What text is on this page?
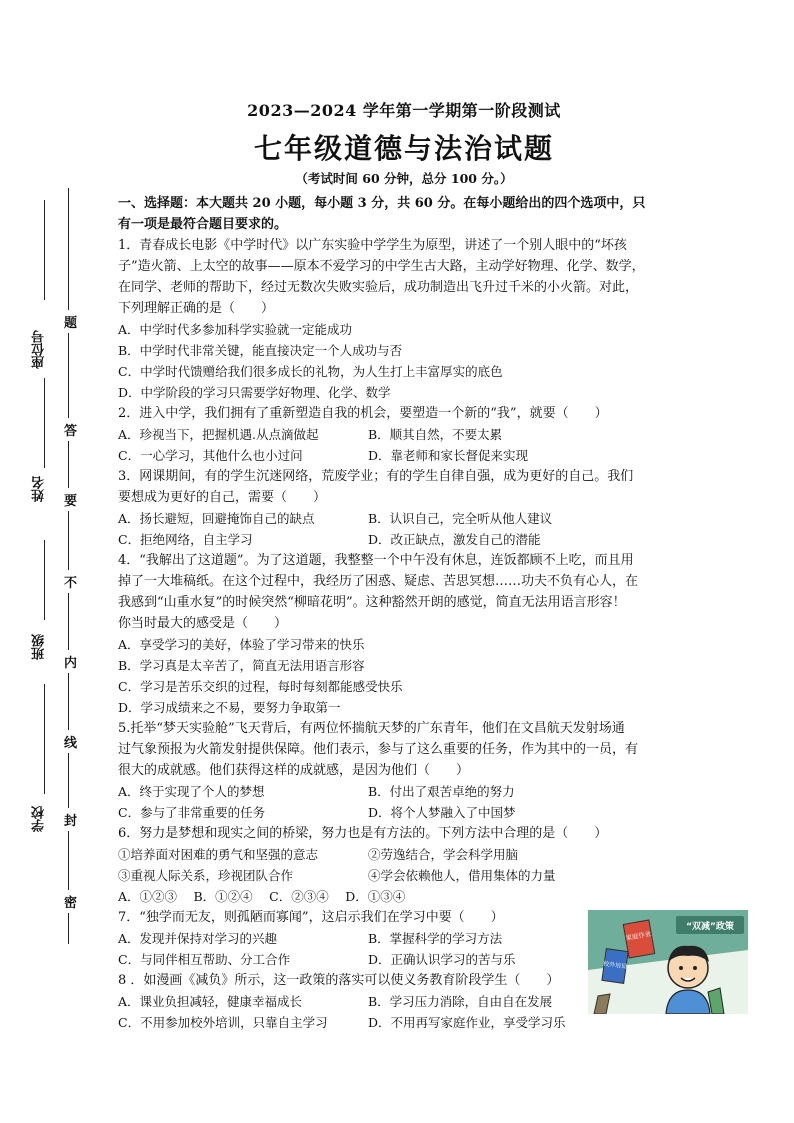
题
答
要
不
内
线
封
密
座位号
姓名
班级
学校

2023—2024 学年第一学期第一阶段测试

七年级道德与法治试题

（考试时间 60 分钟，总分 100 分。）

一、选择题：本大题共 20 小题，每小题 3 分，共 60 分。在每小题给出的四个选项中，只

有一项是最符合题目要求的。

1．青春成长电影《中学时代》以广东实验中学学生为原型，讲述了一个别人眼中的“坏孩

子”造火箭、上太空的故事——原本不爱学习的中学生古大路，主动学好物理、化学、数学，

在同学、老师的帮助下，经过无数次失败实验后，成功制造出飞升过千米的小火箭。对此，

下列理解正确的是（　　）

A．中学时代多参加科学实验就一定能成功

B．中学时代非常关键，能直接决定一个人成功与否

C．中学时代馈赠给我们很多成长的礼物，为人生打上丰富厚实的底色

D．中学阶段的学习只需要学好物理、化学、数学

2．进入中学，我们拥有了重新塑造自我的机会，要塑造一个新的“我”，就要（　　）

A．珍视当下，把握机遇.从点滴做起	B．顺其自然，不要太累

C．一心学习，其他什么也小过问	D．靠老师和家长督促来实现

3．网课期间，有的学生沉迷网络，荒废学业；有的学生自律自强，成为更好的自己。我们

要想成为更好的自己，需要（　　）

A．扬长避短，回避掩饰自己的缺点	B．认识自己，完全听从他人建议

C．拒绝网络，自主学习	D．改正缺点，激发自己的潜能

4．“我解出了这道题”。为了这道题，我整整一个中午没有休息，连饭都顾不上吃，而且用

掉了一大堆稿纸。在这个过程中，我经历了困惑、疑虑、苦思冥想……功夫不负有心人，在

我感到“山重水复”的时候突然“柳暗花明”。这种豁然开朗的感觉，简直无法用语言形容！

你当时最大的感受是（　　）

A．享受学习的美好，体验了学习带来的快乐

B．学习真是太辛苦了，简直无法用语言形容

C．学习是苦乐交织的过程，每时每刻都能感受快乐

D．学习成绩来之不易，要努力争取第一

5.托举“梦天实验舱”飞天背后，有两位怀揣航天梦的广东青年，他们在文昌航天发射场通

过气象预报为火箭发射提供保障。他们表示，参与了这么重要的任务，作为其中的一员，有

很大的成就感。他们获得这样的成就感，是因为他们（　　）

A．终于实现了个人的梦想	B．付出了艰苦卓绝的努力

C．参与了非常重要的任务	D．将个人梦融入了中国梦

6．努力是梦想和现实之间的桥梁，努力也是有方法的。下列方法中合理的是（　　）

①培养面对困难的勇气和坚强的意志	②劳逸结合，学会科学用脑

③重视人际关系，珍视团队合作	④学会依赖他人，借用集体的力量

A．①②③　 B．①②④　 C．②③④　 D．①③④

7．“独学而无友，则孤陋而寡闻”，这启示我们在学习中要（　　）

A．发现并保持对学习的兴趣	B．掌握科学的学习方法

C．与同伴相互帮助、分工合作	D．正确认识学习的苦与乐

8 ．如漫画《减负》所示，这一政策的落实可以使义务教育阶段学生（　　）

A．课业负担减轻，健康幸福成长	B．学习压力消除，自由自在发展

C．不用参加校外培训，只靠自主学习	D．不用再写家庭作业，享受学习乐

“双减”政策
家庭作业
校外培训
